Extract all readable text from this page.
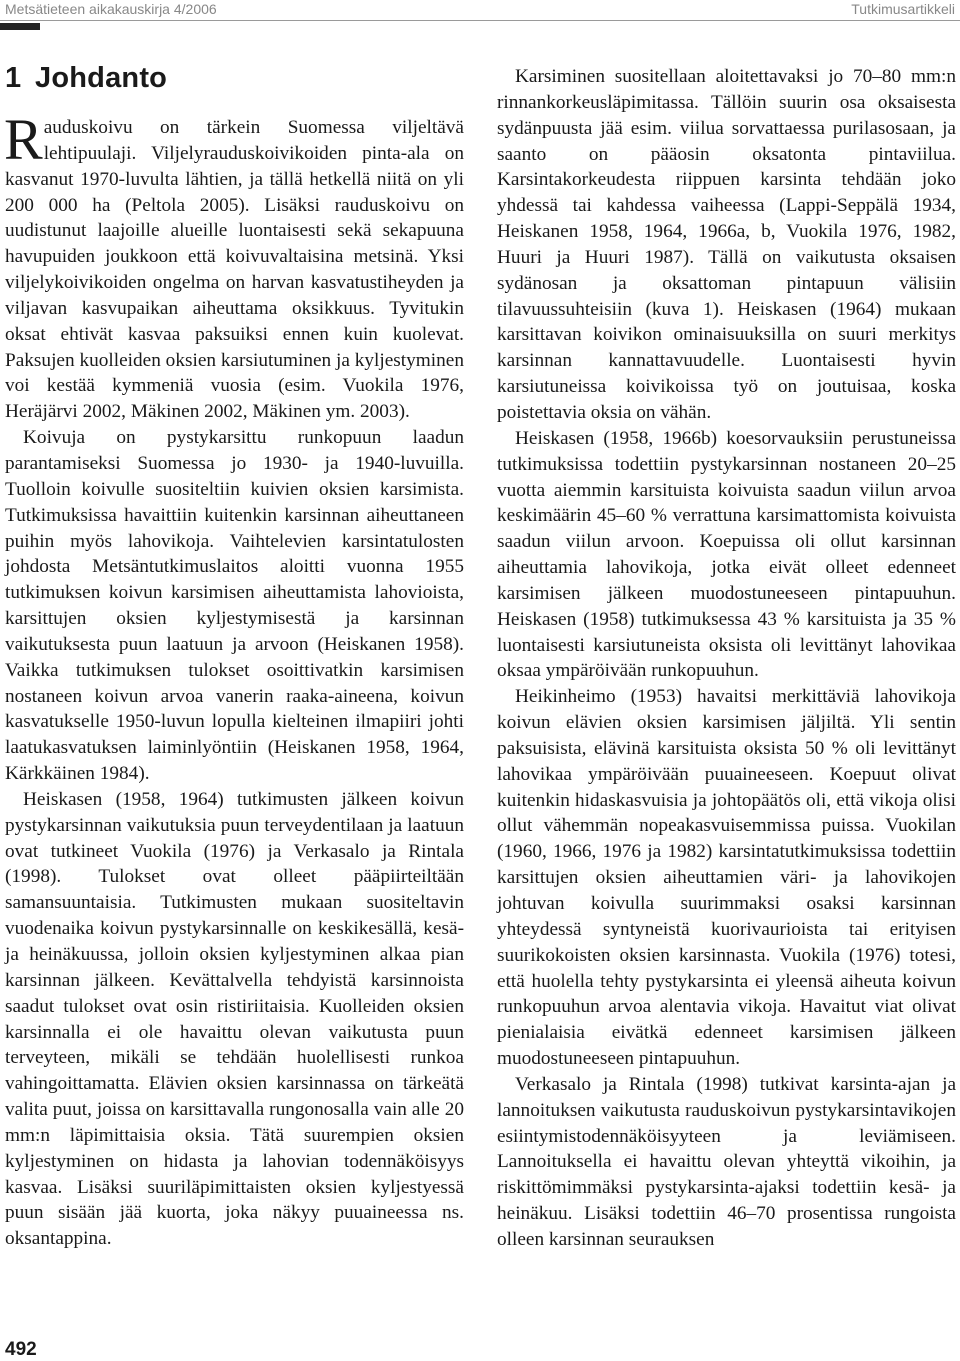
Metsätieteen aikakauskirja 4/2006	Tutkimusartikkeli
1 Johdanto

Rauduskoivu on tärkein Suomessa viljeltävä lehtipuulaji. Viljelyrauduskoivikoiden pinta-ala on kasvanut 1970-luvulta lähtien, ja tällä hetkellä niitä on yli 200 000 ha (Peltola 2005). Lisäksi rauduskoivu on uudistunut laajoille alueille luontaisesti sekä sekapuuna havupuiden joukkoon että koivuvaltaisina metsinä. Yksi viljelykoivikoiden ongelma on harvan kasvatustiheyden ja viljavan kasvupaikan aiheuttama oksikkuus. Tyvitukin oksat ehtivät kasvaa paksuiksi ennen kuin kuolevat. Paksujen kuolleiden oksien karsiutuminen ja kyljestyminen voi kestää kymmeniä vuosia (esim. Vuokila 1976, Heräjärvi 2002, Mäkinen 2002, Mäkinen ym. 2003).

Koivuja on pystykarsittu runkopuun laadun parantamiseksi Suomessa jo 1930- ja 1940-luvuilla. Tuolloin koivulle suositeltiin kuivien oksien karsimista. Tutkimuksissa havaittiin kuitenkin karsinnan aiheuttaneen puihin myös lahovikoja. Vaihtelevien karsintatulosten johdosta Metsäntutkimuslaitos aloitti vuonna 1955 tutkimuksen koivun karsimisen aiheuttamista lahovioista, karsittujen oksien kyljestymisestä ja karsinnan vaikutuksesta puun laatuun ja arvoon (Heiskanen 1958). Vaikka tutkimuksen tulokset osoittivatkin karsimisen nostaneen koivun arvoa vanerin raaka-aineena, koivun kasvatukselle 1950-luvun lopulla kielteinen ilmapiiri johti laatukasvatuksen laiminlyöntiin (Heiskanen 1958, 1964, Kärkkäinen 1984).

Heiskasen (1958, 1964) tutkimusten jälkeen koivun pystykarsinnan vaikutuksia puun terveydentilaan ja laatuun ovat tutkineet Vuokila (1976) ja Verkasalo ja Rintala (1998). Tulokset ovat olleet pääpiirteiltään samansuuntaisia. Tutkimusten mukaan suositeltavin vuodenaika koivun pystykarsinnalle on keskikesällä, kesä- ja heinäkuussa, jolloin oksien kyljestyminen alkaa pian karsinnan jälkeen. Kevättalvella tehdyistä karsinnoista saadut tulokset ovat osin ristiriitaisia. Kuolleiden oksien karsinnalla ei ole havaittu olevan vaikutusta puun terveyteen, mikäli se tehdään huolellisesti runkoa vahingoittamatta. Elävien oksien karsinnassa on tärkeätä valita puut, joissa on karsittavalla rungonosalla vain alle 20 mm:n läpimittaisia oksia. Tätä suurempien oksien kyljestyminen on hidasta ja lahovian todennäköisyys kasvaa. Lisäksi suuriläpimittaisten oksien kyljestyessä puun sisään jää kuorta, joka näkyy puuaineessa ns. oksantappina.

Karsiminen suositellaan aloitettavaksi jo 70–80 mm:n rinnankorkeusläpimitassa. Tällöin suurin osa oksaisesta sydänpuusta jää esim. viilua sorvattaessa purilasosaan, ja saanto on pääosin oksatonta pintaviilua. Karsintakorkeudesta riippuen karsinta tehdään joko yhdessä tai kahdessa vaiheessa (Lappi-Seppälä 1934, Heiskanen 1958, 1964, 1966a, b, Vuokila 1976, 1982, Huuri ja Huuri 1987). Tällä on vaikutusta oksaisen sydänosan ja oksattoman pintapuun välisiin tilavuussuhteisiin (kuva 1). Heiskasen (1964) mukaan karsittavan koivikon ominaisuuksilla on suuri merkitys karsinnan kannattavuudelle. Luontaisesti hyvin karsiutuneissa koivikoissa työ on joutuisaa, koska poistettavia oksia on vähän.

Heiskasen (1958, 1966b) koesorvauksiin perustuneissa tutkimuksissa todettiin pystykarsinnan nostaneen 20–25 vuotta aiemmin karsituista koivuista saadun viilun arvoa keskimäärin 45–60 % verrattuna karsimattomista koivuista saadun viilun arvoon. Koepuissa oli ollut karsinnan aiheuttamia lahovikoja, jotka eivät olleet edenneet karsimisen jälkeen muodostuneeseen pintapuuhun. Heiskasen (1958) tutkimuksessa 43 % karsituista ja 35 % luontaisesti karsiutuneista oksista oli levittänyt lahovikaa oksaa ympäröivään runkopuuhun.

Heikinheimo (1953) havaitsi merkittäviä lahovikoja koivun elävien oksien karsimisen jäljiltä. Yli sentin paksuisista, elävinä karsituista oksista 50 % oli levittänyt lahovikaa ympäröivään puuaineeseen. Koepuut olivat kuitenkin hidaskasvuisia ja johtopäätös oli, että vikoja olisi ollut vähemmän nopeakasvuisemmissa puissa. Vuokilan (1960, 1966, 1976 ja 1982) karsintatutkimuksissa todettiin karsittujen oksien aiheuttamien väri- ja lahovikojen johtuvan koivulla suurimmaksi osaksi karsinnan yhteydessä syntyneistä kuorivaurioista tai erityisen suurikokoisten oksien karsinnasta. Vuokila (1976) totesi, että huolella tehty pystykarsinta ei yleensä aiheuta koivun runkopuuhun arvoa alentavia vikoja. Havaitut viat olivat pienialaisia eivätkä edenneet karsimisen jälkeen muodostuneeseen pintapuuhun.

Verkasalo ja Rintala (1998) tutkivat karsinta-ajan ja lannoituksen vaikutusta rauduskoivun pystykarsintavikojen esiintymistodennäköisyyteen ja leviämiseen. Lannoituksella ei havaittu olevan yhteyttä vikoihin, ja riskittömimmäksi pystykarsinta-ajaksi todettiin kesä- ja heinäkuu. Lisäksi todettiin 46–70 prosentissa rungoista olleen karsinnan seurauksen

492
